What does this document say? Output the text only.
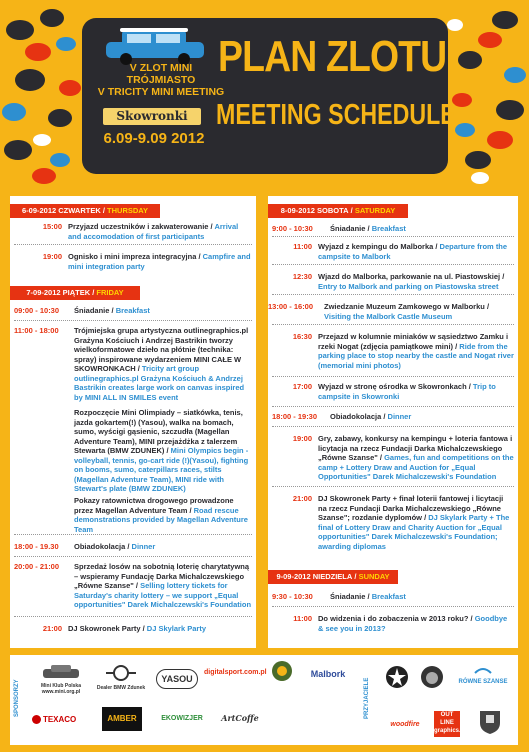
V ZLOT MINI TRÓJMIASTO
V TRICITY MINI MEETING
Skowronki
6.09-9.09 2012
PLAN ZLOTU
MEETING SCHEDULE
6-09-2012 CZWARTEK / THURSDAY
15:00 Przyjazd uczestników i zakwaterowanie / Arrival and accomodation of first participants
19:00 Ognisko i mini impreza integracyjna / Campfire and mini integration party
7-09-2012 PIĄTEK / FRIDAY
09:00 - 10:30 Śniadanie / Breakfast
11:00 - 18:00 Trójmiejska grupa artystyczna outlinegraphics.pl Grażyna Kościuch i Andrzej Bastrikin tworzy wielkoformatowe dzieło na płótnie (technika: spray) inspirowane wydarzeniem MINI CAŁE W SKOWRONKACH / Tricity art group outlinegraphics.pl Grażyna Kościuch & Andrzej Bastrikin creates large work on canvas inspired by MINI ALL IN SMILES event
Rozpoczęcie Mini Olimpiady – siatkówka, tenis, jazda gokartem(!) (Yasou), walka na bomach, sumo, wyścigi gąsienic, szczudła (Magellan Adventure Team), MINI przejażdżka z talerzem Stewarta (BMW ZDUNEK) / Mini Olympics begin - volleyball, tennis, go-cart ride (!)(Yasou), fighting on booms, sumo, caterpillars races, stilts (Magellan Adventure Team), MINI ride with Stewart's plate (BMW ZDUNEK)
Pokazy ratownictwa drogowego prowadzone przez Magellan Adventure Team / Road rescue demonstrations provided by Magellan Adventure Team
18:00 - 19.30 Obiadokolacja / Dinner
20:00 - 21:00 Sprzedaż losów na sobotnią loterię charytatywną – wspieramy Fundację Darka Michalczewskiego „Równe Szanse" / Selling lottery tickets for Saturday's charity lottery – we support „Equal opportunities" Darek Michalczewski's Foundation
21:00 DJ Skowronek Party / DJ Skylark Party
8-09-2012 SOBOTA / SATURDAY
9:00 - 10:30 Śniadanie / Breakfast
11:00 Wyjazd z kempingu do Malborka / Departure from the campsite to Malbork
12:30 Wjazd do Malborka, parkowanie na ul. Piastowskiej / Entry to Malbork and parking on Piastowska street
13:00 - 16:00 Zwiedzanie Muzeum Zamkowego w Malborku / Visiting the Malbork Castle Museum
16:30 Przejazd w kolumnie miniaków w sąsiedztwo Zamku i rzeki Nogat (zdjęcia pamiątkowe mini) / Ride from the parking place to stop nearby the castle and Nogat river (memorial mini photos)
17:00 Wyjazd w stronę ośrodka w Skowronkach / Trip to campsite in Skowronki
18:00 - 19:30 Obiadokolacja / Dinner
19:00 Gry, zabawy, konkursy na kempingu + loteria fantowa i licytacja na rzecz Fundacji Darka Michalczewskiego „Równe Szanse" / Games, fun and competitions on the camp + Lottery Draw and Auction for „Equal Opportunities" Darek Michalczewski's Foundation
21:00 DJ Skowronek Party + finał loterii fantowej i licytacji na rzecz Fundacji Darka Michalczewskiego „Równe Szanse"; rozdanie dyplomów / DJ Skylark Party + The final of Lottery Draw and Charity Auction for „Equal opportunities" Darek Michalczewski's Foundation; awarding diplomas
9-09-2012 NIEDZIELA / SUNDAY
9:30 - 10:30 Śniadanie / Breakfast
11:00 Do widzenia i do zobaczenia w 2013 roku? / Goodbye & see you in 2013?
SPONSORZY	PRZYJACIELE
Mini Klub Polska
www.mini.org.pl
Dealer BMW Zdunek
YASOU
digitalsport.com.pl	Malbork
RÓWNE SZANSE
TEXACO	AMBER	EKOWIZJER	ArtCoffe
woodfire
OUT LINE graphics.pl
